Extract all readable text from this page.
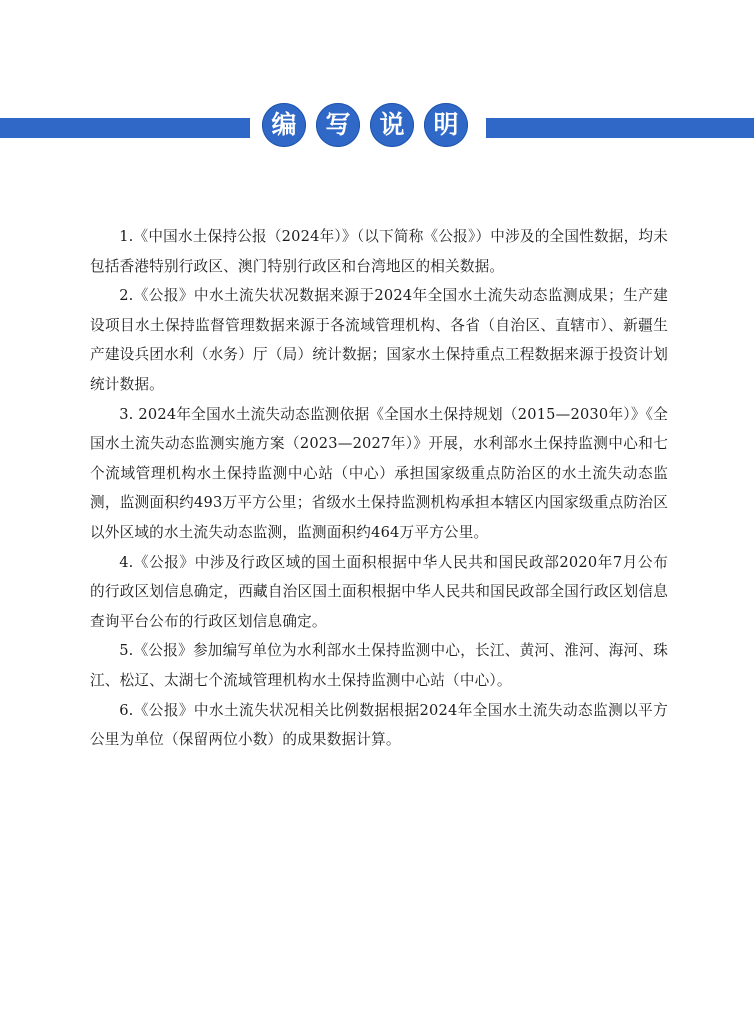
编	写	说	明

1.《中国水土保持公报（2024年）》（以下简称《公报》）中涉及的全国性数据，均未包括香港特别行政区、澳门特别行政区和台湾地区的相关数据。

2.《公报》中水土流失状况数据来源于2024年全国水土流失动态监测成果；生产建设项目水土保持监督管理数据来源于各流域管理机构、各省（自治区、直辖市）、新疆生产建设兵团水利（水务）厅（局）统计数据；国家水土保持重点工程数据来源于投资计划统计数据。

3. 2024年全国水土流失动态监测依据《全国水土保持规划（2015—2030年）》《全国水土流失动态监测实施方案（2023—2027年）》开展，水利部水土保持监测中心和七个流域管理机构水土保持监测中心站（中心）承担国家级重点防治区的水土流失动态监测，监测面积约493万平方公里；省级水土保持监测机构承担本辖区内国家级重点防治区以外区域的水土流失动态监测，监测面积约464万平方公里。

4.《公报》中涉及行政区域的国土面积根据中华人民共和国民政部2020年7月公布的行政区划信息确定，西藏自治区国土面积根据中华人民共和国民政部全国行政区划信息查询平台公布的行政区划信息确定。

5.《公报》参加编写单位为水利部水土保持监测中心，长江、黄河、淮河、海河、珠江、松辽、太湖七个流域管理机构水土保持监测中心站（中心）。

6.《公报》中水土流失状况相关比例数据根据2024年全国水土流失动态监测以平方公里为单位（保留两位小数）的成果数据计算。
